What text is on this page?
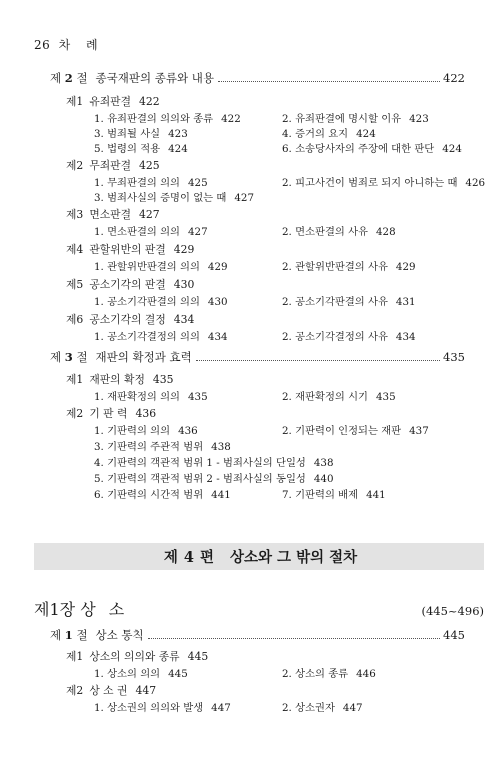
26 차 례
제 2 절 종국재판의 종류와 내용	422
제1 유죄판결 422
1. 유죄판결의 의의와 종류 422	2. 유죄판결에 명시할 이유 423
3. 범죄될 사실 423	4. 증거의 요지 424
5. 법령의 적용 424	6. 소송당사자의 주장에 대한 판단 424
제2 무죄판결 425
1. 무죄판결의 의의 425	2. 피고사건이 범죄로 되지 아니하는 때 426
3. 범죄사실의 증명이 없는 때 427
제3 면소판결 427
1. 면소판결의 의의 427	2. 면소판결의 사유 428
제4 관할위반의 판결 429
1. 관할위반판결의 의의 429	2. 관할위반판결의 사유 429
제5 공소기각의 판결 430
1. 공소기각판결의 의의 430	2. 공소기각판결의 사유 431
제6 공소기각의 결정 434
1. 공소기각결정의 의의 434	2. 공소기각결정의 사유 434
제 3 절 재판의 확정과 효력	435
제1 재판의 확정 435
1. 재판확정의 의의 435	2. 재판확정의 시기 435
제2 기 판 력 436
1. 기판력의 의의 436	2. 기판력이 인정되는 재판 437
3. 기판력의 주관적 범위 438
4. 기판력의 객관적 범위 1 - 범죄사실의 단일성 438
5. 기판력의 객관적 범위 2 - 범죄사실의 동일성 440
6. 기판력의 시간적 범위 441	7. 기판력의 배제 441
제 4 편 상소와 그 밖의 절차
제1장 상 소	(445~496)
제 1 절 상소 통칙	445
제1 상소의 의의와 종류 445
1. 상소의 의의 445	2. 상소의 종류 446
제2 상 소 권 447
1. 상소권의 의의와 발생 447	2. 상소권자 447
